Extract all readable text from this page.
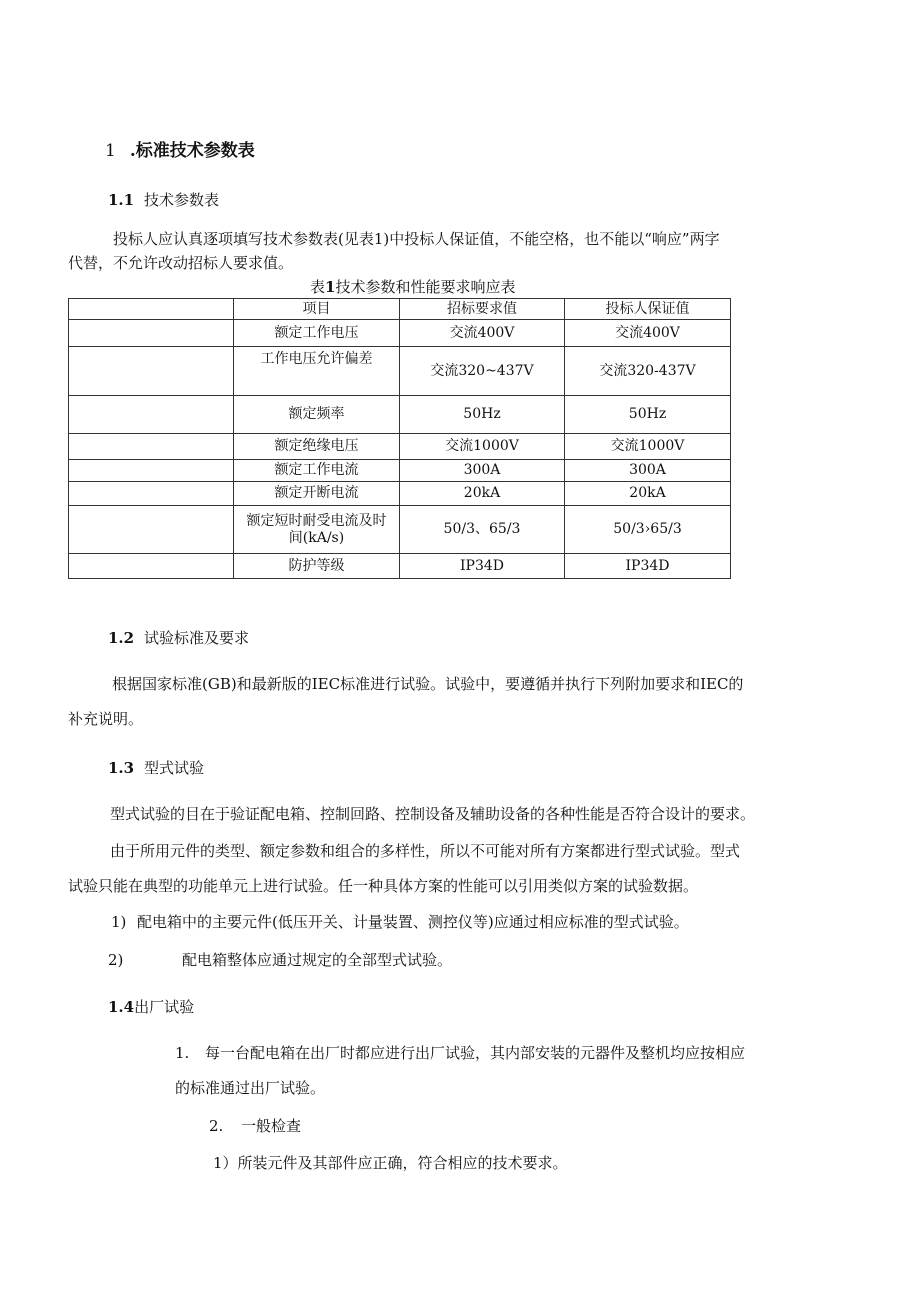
1 .标准技术参数表
1.1 技术参数表
投标人应认真逐项填写技术参数表(见表1)中投标人保证值，不能空格，也不能以“响应”两字
代替，不允许改动招标人要求值。
表1技术参数和性能要求响应表
	项目	招标要求值	投标人保证值
	额定工作电压	交流400V	交流400V
	工作电压允许偏差	交流320~437V	交流320-437V
	额定频率	50Hz	50Hz
	额定绝缘电压	交流1000V	交流1000V
	额定工作电流	300A	300A
	额定开断电流	20kA	20kA
	额定短时耐受电流及时间(kA/s)	50/3、65/3	50/3›65/3
	防护等级	IP34D	IP34D
1.2 试验标准及要求
根据国家标准(GB)和最新版的IEC标准进行试验。试验中，要遵循并执行下列附加要求和IEC的
补充说明。
1.3 型式试验
型式试验的目在于验证配电箱、控制回路、控制设备及辅助设备的各种性能是否符合设计的要求。
由于所用元件的类型、额定参数和组合的多样性，所以不可能对所有方案都进行型式试验。型式
试验只能在典型的功能单元上进行试验。任一种具体方案的性能可以引用类似方案的试验数据。
1) 配电箱中的主要元件(低压开关、计量装置、测控仪等)应通过相应标准的型式试验。
2)	配电箱整体应通过规定的全部型式试验。
1.4出厂试验
1. 每一台配电箱在出厂时都应进行出厂试验，其内部安装的元器件及整机均应按相应
的标准通过出厂试验。
2. 一般检查
1）所装元件及其部件应正确，符合相应的技术要求。
